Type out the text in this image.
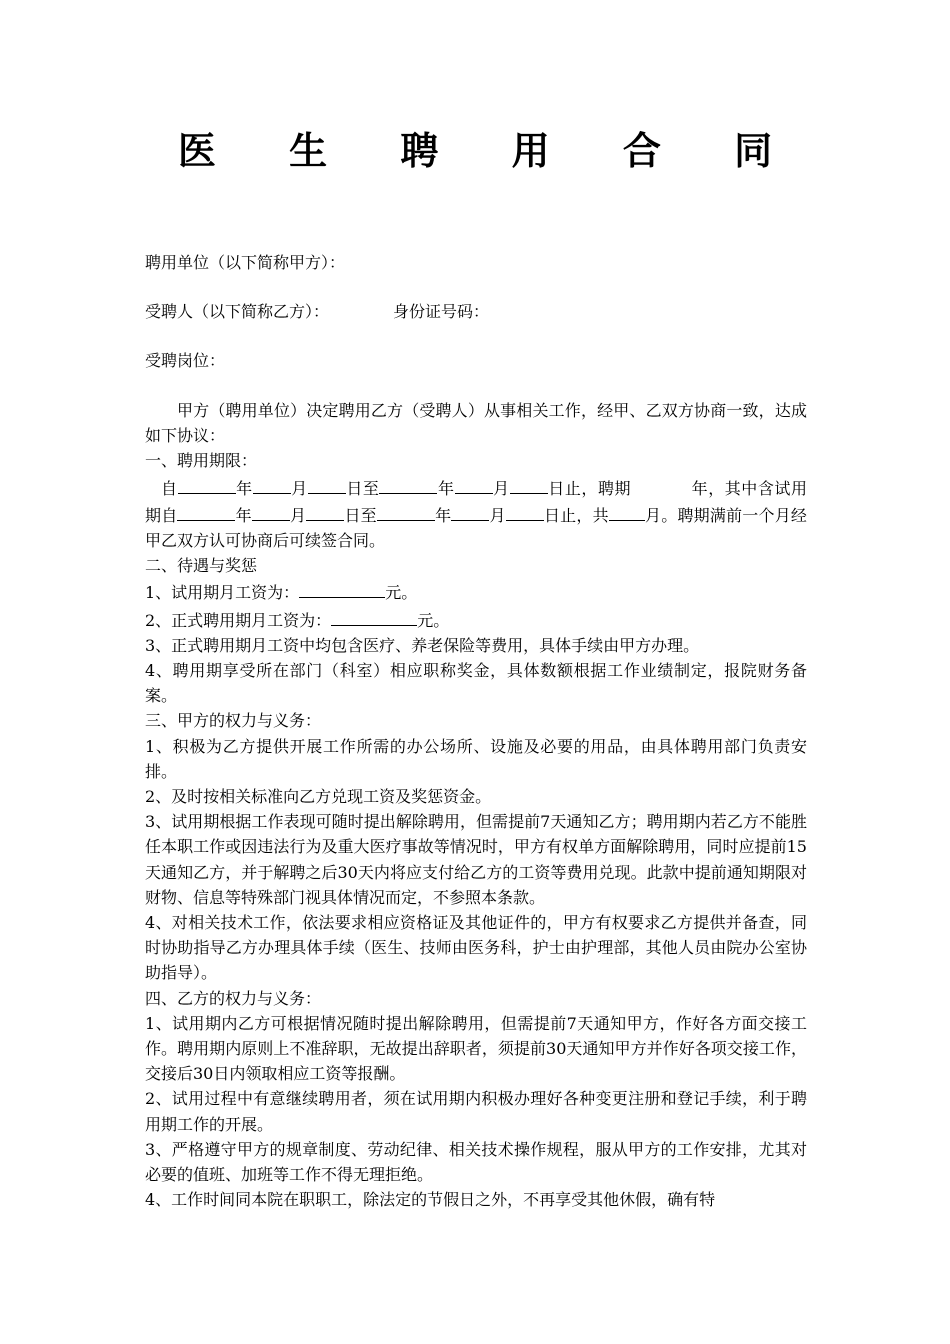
医 生 聘 用 合 同
聘用单位（以下简称甲方）：
受聘人（以下简称乙方）：	身份证号码：
受聘岗位：

甲方（聘用单位）决定聘用乙方（受聘人）从事相关工作，经甲、乙双方协商一致，达成如下协议：

一、聘用期限：

自	年 月 日至	年 月 日止，聘期	年，其中含试用期自	年 月 日至	年 月 日止，共 月。聘期满前一个月经甲乙双方认可协商后可续签合同。

二、待遇与奖惩

1、试用期月工资为：	元。

2、正式聘用期月工资为：	元。

3、正式聘用期月工资中均包含医疗、养老保险等费用，具体手续由甲方办理。

4、聘用期享受所在部门（科室）相应职称奖金，具体数额根据工作业绩制定，报院财务备案。

三、甲方的权力与义务：

1、积极为乙方提供开展工作所需的办公场所、设施及必要的用品，由具体聘用部门负责安排。

2、及时按相关标准向乙方兑现工资及奖惩资金。

3、试用期根据工作表现可随时提出解除聘用，但需提前7天通知乙方；聘用期内若乙方不能胜任本职工作或因违法行为及重大医疗事故等情况时，甲方有权单方面解除聘用，同时应提前15天通知乙方，并于解聘之后30天内将应支付给乙方的工资等费用兑现。此款中提前通知期限对财物、信息等特殊部门视具体情况而定，不参照本条款。

4、对相关技术工作，依法要求相应资格证及其他证件的，甲方有权要求乙方提供并备查，同时协助指导乙方办理具体手续（医生、技师由医务科，护士由护理部，其他人员由院办公室协助指导）。

四、乙方的权力与义务：

1、试用期内乙方可根据情况随时提出解除聘用，但需提前7天通知甲方，作好各方面交接工作。聘用期内原则上不准辞职，无故提出辞职者，须提前30天通知甲方并作好各项交接工作，交接后30日内领取相应工资等报酬。

2、试用过程中有意继续聘用者，须在试用期内积极办理好各种变更注册和登记手续，利于聘用期工作的开展。

3、严格遵守甲方的规章制度、劳动纪律、相关技术操作规程，服从甲方的工作安排，尤其对必要的值班、加班等工作不得无理拒绝。

4、工作时间同本院在职职工，除法定的节假日之外，不再享受其他休假，确有特
